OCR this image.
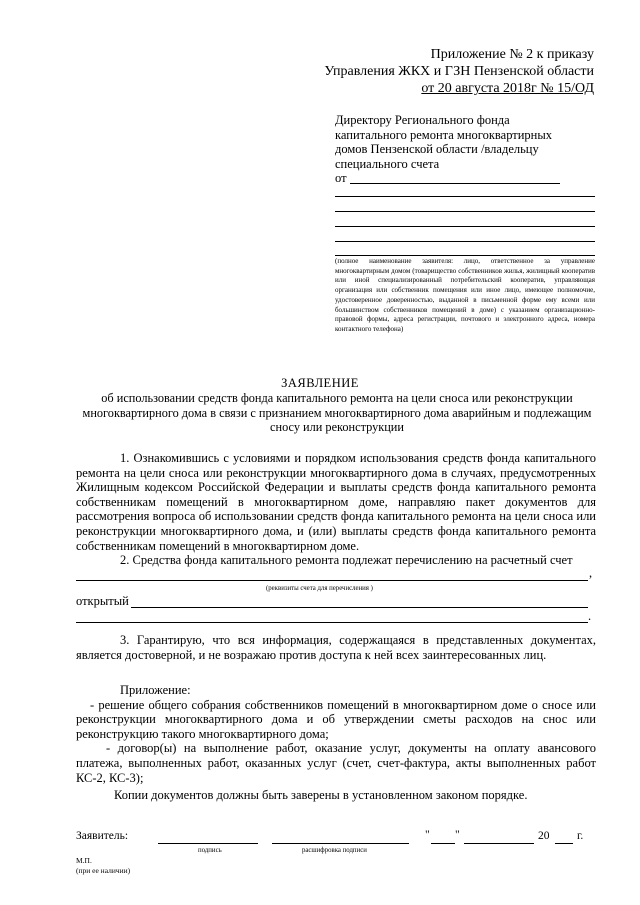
Приложение № 2 к приказу
Управления ЖКХ и ГЗН Пензенской области
от 20 августа 2018г № 15/ОД
Директору Регионального фонда
капитального ремонта многоквартирных
домов Пензенской области /владельцу
специального счета
от
(полное наименование заявителя: лицо, ответственное за управление многоквартирным домом (товарищество собственников жилья, жилищный кооператив или иной специализированный потребительский кооператив, управляющая организация или собственник помещения или иное лицо, имеющее полномочие, удостоверенное доверенностью, выданной в письменной форме ему всеми или большинством собственников помещений в доме) с указанием организационно-правовой формы, адреса регистрации, почтового и электронного адреса, номера контактного телефона)
ЗАЯВЛЕНИЕ
об использовании средств фонда капитального ремонта на цели сноса или реконструкции многоквартирного дома в связи с признанием многоквартирного дома аварийным и подлежащим сносу или реконструкции
1. Ознакомившись с условиями и порядком использования средств фонда капитального ремонта на цели сноса или реконструкции многоквартирного дома в случаях, предусмотренных Жилищным кодексом Российской Федерации и выплаты средств фонда капитального ремонта собственникам помещений в многоквартирном доме, направляю пакет документов для рассмотрения вопроса об использовании средств фонда капитального ремонта на цели сноса или реконструкции многоквартирного дома, и (или) выплаты средств фонда капитального ремонта собственникам помещений в многоквартирном доме.
2. Средства фонда капитального ремонта подлежат перечислению на расчетный счет
,
(реквизиты счета для перечисления )
открытый
.
3. Гарантирую, что вся информация, содержащаяся в представленных документах, является достоверной, и не возражаю против доступа к ней всех заинтересованных лиц.
Приложение:
- решение общего собрания собственников помещений в многоквартирном доме о сносе или реконструкции многоквартирного дома и об утверждении сметы расходов на снос или реконструкцию такого многоквартирного дома;
- договор(ы) на выполнение работ, оказание услуг, документы на оплату авансового платежа, выполненных работ, оказанных услуг (счет, счет-фактура, акты выполненных работ КС-2, КС-3);
Копии документов должны быть заверены в установленном законом порядке.
Заявитель:	" "	20 г.
подпись	расшифровка подписи
М.П.
(при ее наличии)
